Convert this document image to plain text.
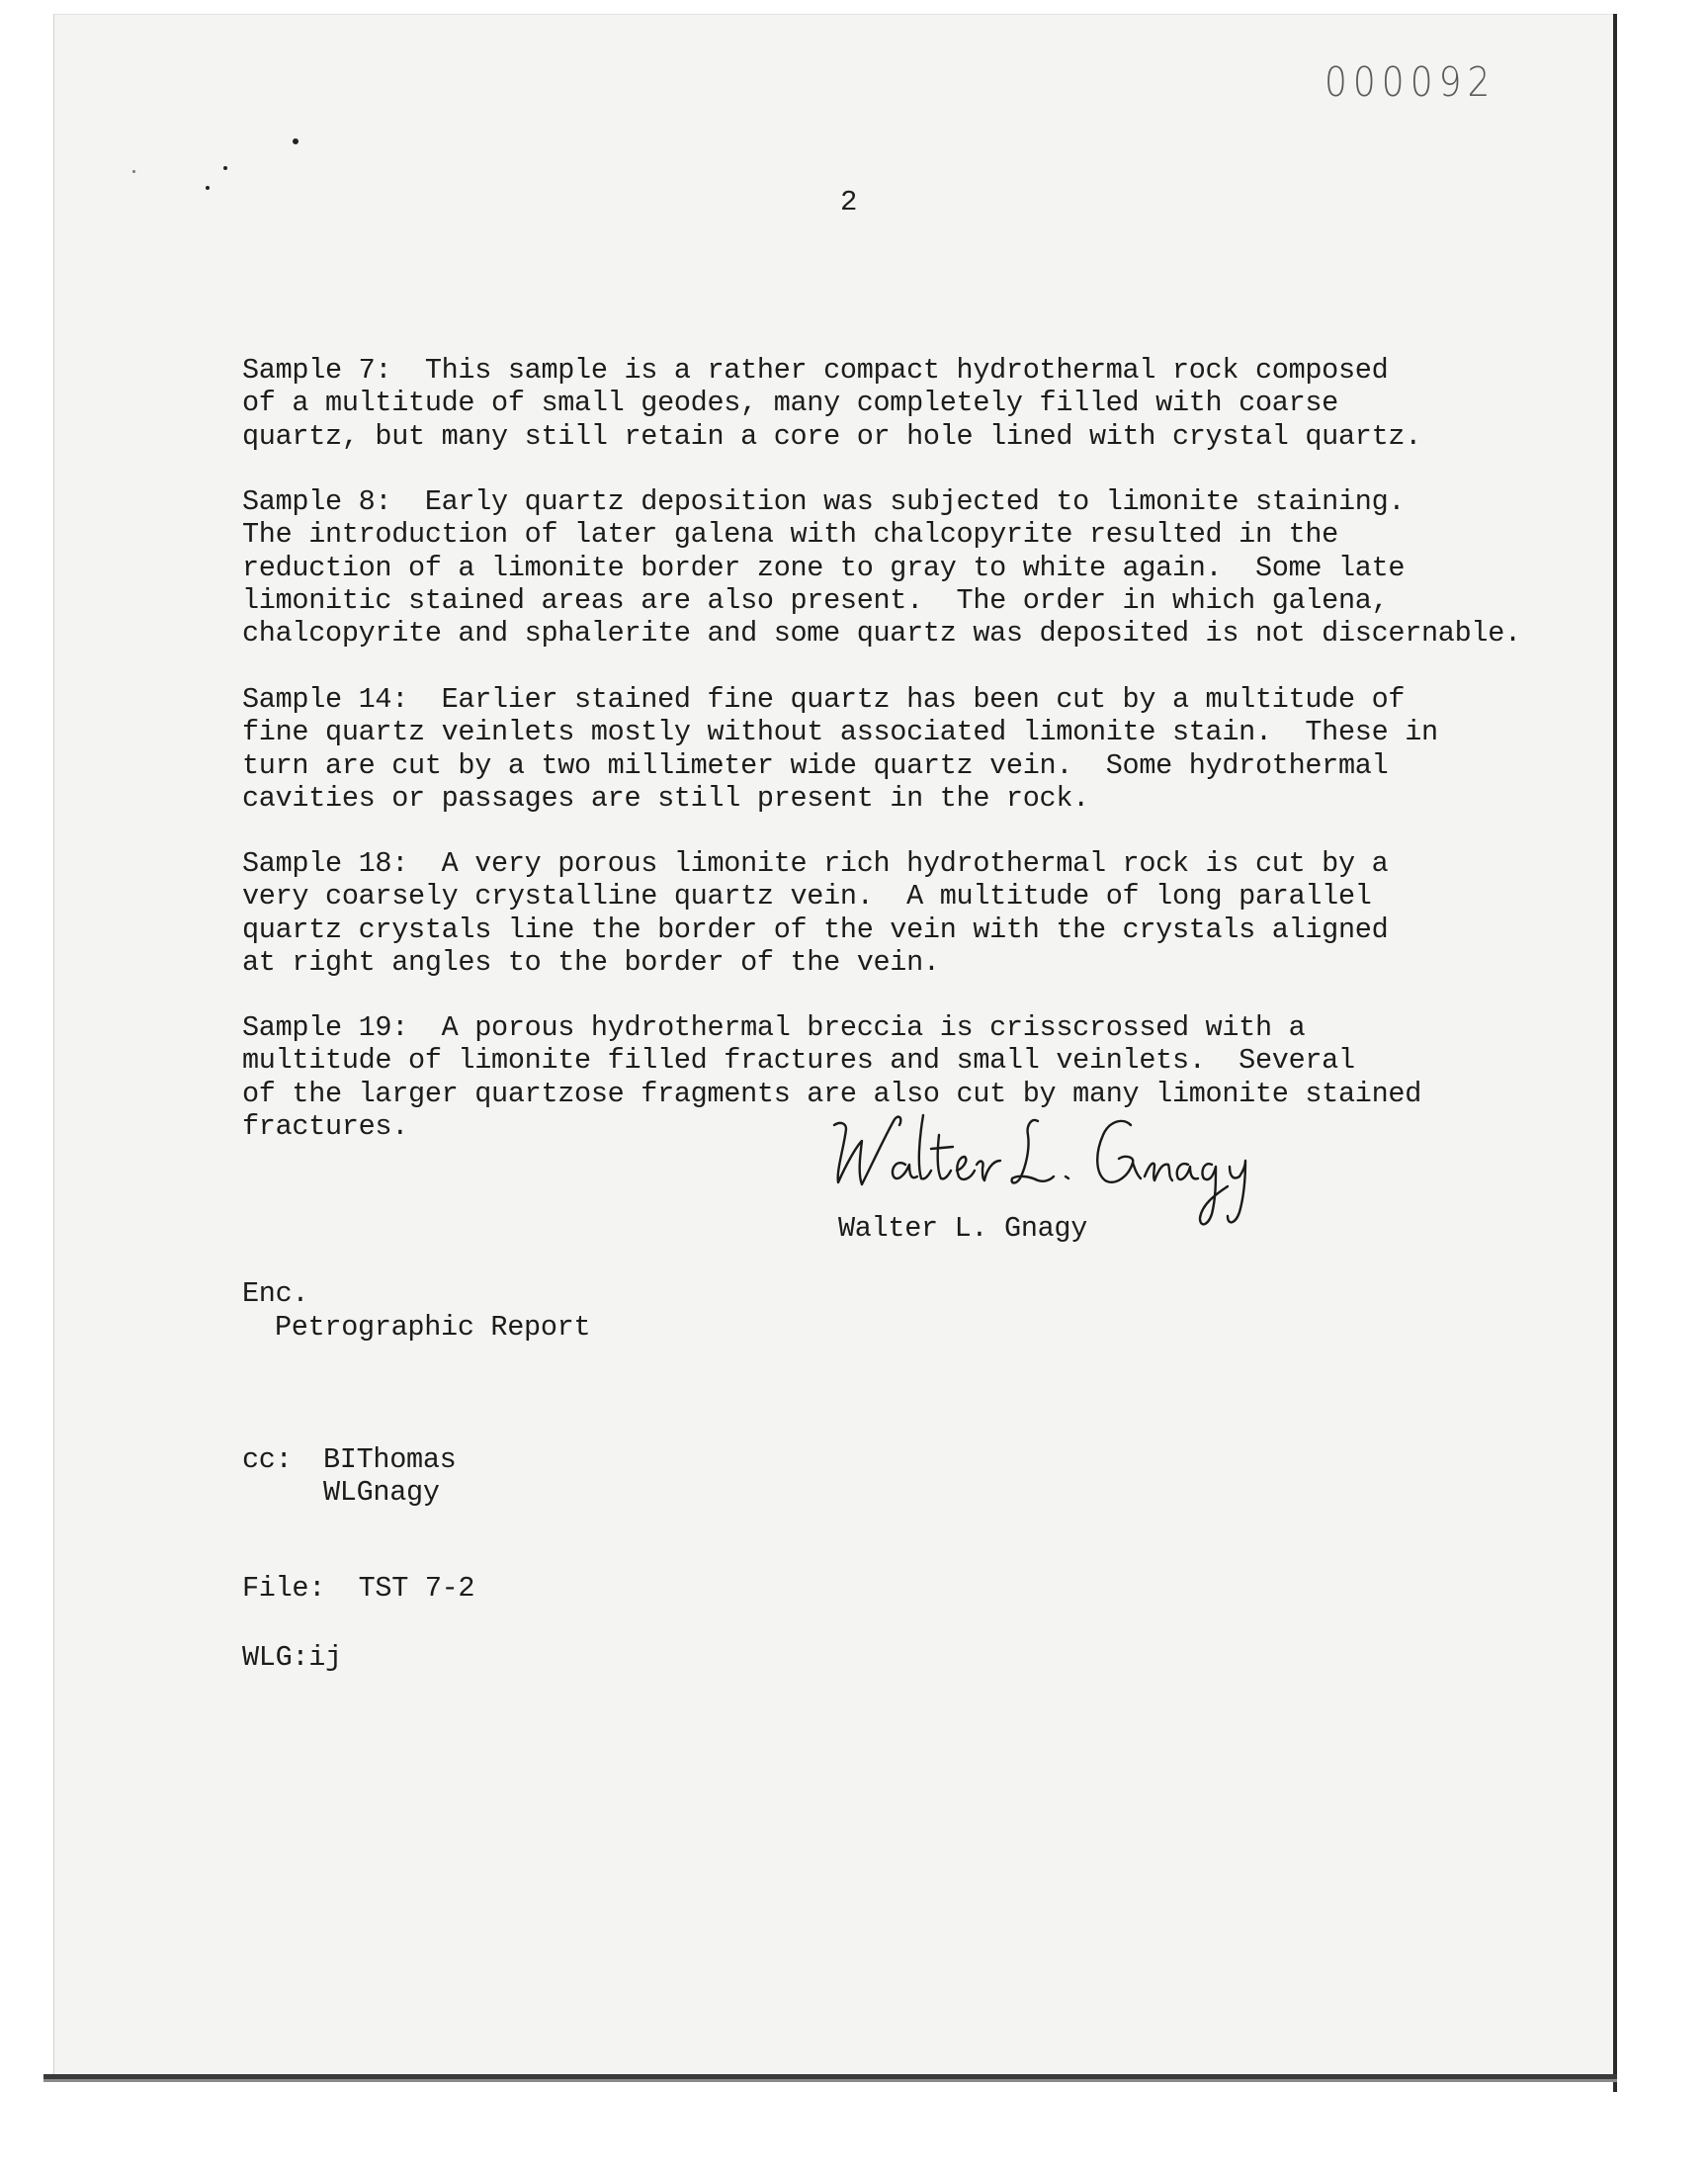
000092
2

Sample 7:  This sample is a rather compact hydrothermal rock composed
of a multitude of small geodes, many completely filled with coarse
quartz, but many still retain a core or hole lined with crystal quartz.

Sample 8:  Early quartz deposition was subjected to limonite staining.
The introduction of later galena with chalcopyrite resulted in the
reduction of a limonite border zone to gray to white again.  Some late
limonitic stained areas are also present.  The order in which galena,
chalcopyrite and sphalerite and some quartz was deposited is not discernable.

Sample 14:  Earlier stained fine quartz has been cut by a multitude of
fine quartz veinlets mostly without associated limonite stain.  These in
turn are cut by a two millimeter wide quartz vein.  Some hydrothermal
cavities or passages are still present in the rock.

Sample 18:  A very porous limonite rich hydrothermal rock is cut by a
very coarsely crystalline quartz vein.  A multitude of long parallel
quartz crystals line the border of the vein with the crystals aligned
at right angles to the border of the vein.

Sample 19:  A porous hydrothermal breccia is crisscrossed with a
multitude of limonite filled fractures and small veinlets.  Several
of the larger quartzose fragments are also cut by many limonite stained
fractures.

Walter L. Gnagy
Enc.
Petrographic Report
cc: BIThomas
WLGnagy
File:  TST 7-2
WLG:ij
